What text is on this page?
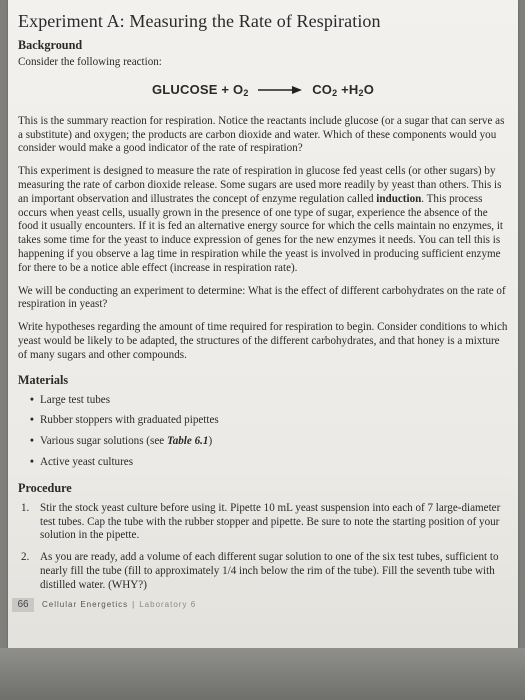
Experiment A: Measuring the Rate of Respiration

Background

Consider the following reaction:

GLUCOSE + $O_2 \to CO_2 +H_2O$

This is the summary reaction for respiration. Notice the reactants include glucose (or a sugar that can serve as a substitute) and oxygen; the products are carbon dioxide and water. Which of these components would you consider would make a good indicator of the rate of respiration?

This experiment is designed to measure the rate of respiration in glucose fed yeast cells (or other sugars) by measuring the rate of carbon dioxide release. Some sugars are used more readily by yeast than others. This is an important observation and illustrates the concept of enzyme regulation called induction. This process occurs when yeast cells, usually grown in the presence of one type of sugar, experience the absence of the food it usually encounters. If it is fed an alternative energy source for which the cells maintain no enzymes, it takes some time for the yeast to induce expression of genes for the new enzymes it needs. You can tell this is happening if you observe a lag time in respiration while the yeast is involved in producing sufficient enzyme for there to be a notice able effect (increase in respiration rate).

We will be conducting an experiment to determine: What is the effect of different carbohydrates on the rate of respiration in yeast?

Write hypotheses regarding the amount of time required for respiration to begin. Consider conditions to which yeast would be likely to be adapted, the structures of the different carbohydrates, and that honey is a mixture of many sugars and other compounds.

Materials

• Large test tubes
• Rubber stoppers with graduated pipettes
• Various sugar solutions (see Table 6.1)
• Active yeast cultures

Procedure

1. Stir the stock yeast culture before using it. Pipette 10 mL yeast suspension into each of 7 large-diameter test tubes. Cap the tube with the rubber stopper and pipette. Be sure to note the starting position of your solution in the pipette.
2. As you are ready, add a volume of each different sugar solution to one of the six test tubes, sufficient to nearly fill the tube (fill to approximately 1/4 inch below the rim of the tube). Fill the seventh tube with distilled water. (WHY?)
66	Cellular Energetics | Laboratory 6
